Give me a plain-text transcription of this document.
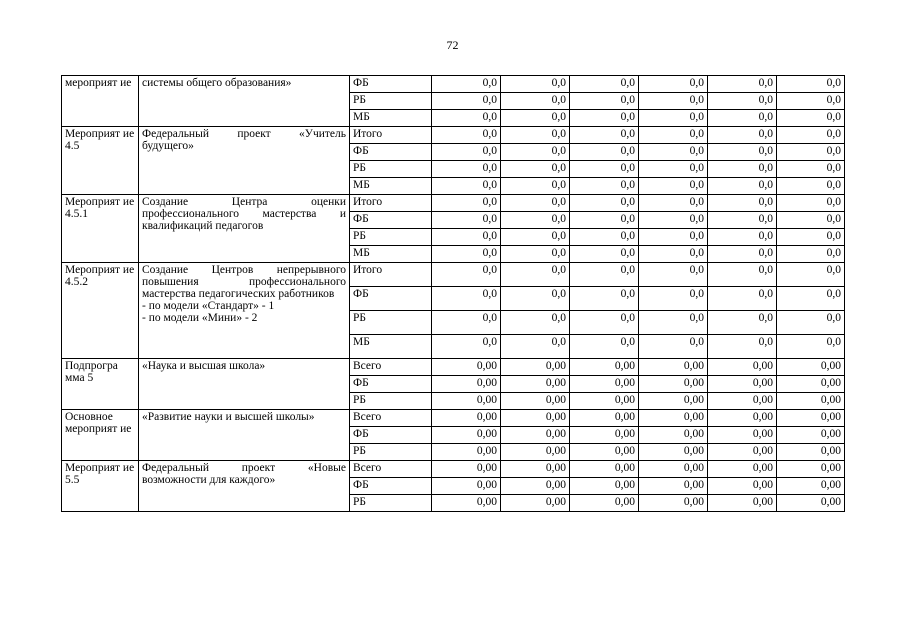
72
мероприят ие	системы общего образования»	ФБ	0,0	0,0	0,0	0,0	0,0	0,0
		РБ	0,0	0,0	0,0	0,0	0,0	0,0
		МБ	0,0	0,0	0,0	0,0	0,0	0,0
Мероприят ие 4.5	Федеральный проект «Учитель будущего»	Итого	0,0	0,0	0,0	0,0	0,0	0,0
		ФБ	0,0	0,0	0,0	0,0	0,0	0,0
		РБ	0,0	0,0	0,0	0,0	0,0	0,0
		МБ	0,0	0,0	0,0	0,0	0,0	0,0
Мероприят ие 4.5.1	Создание Центра оценки профессионального мастерства и квалификаций педагогов	Итого	0,0	0,0	0,0	0,0	0,0	0,0
		ФБ	0,0	0,0	0,0	0,0	0,0	0,0
		РБ	0,0	0,0	0,0	0,0	0,0	0,0
		МБ	0,0	0,0	0,0	0,0	0,0	0,0
Мероприят ие 4.5.2	Создание Центров непрерывного повышения профессионального мастерства педагогических работников
- по модели «Стандарт» - 1
- по модели «Мини» - 2	Итого	0,0	0,0	0,0	0,0	0,0	0,0
		ФБ	0,0	0,0	0,0	0,0	0,0	0,0
		РБ	0,0	0,0	0,0	0,0	0,0	0,0
		МБ	0,0	0,0	0,0	0,0	0,0	0,0
Подпрогра мма 5	«Наука и высшая школа»	Всего	0,00	0,00	0,00	0,00	0,00	0,00
		ФБ	0,00	0,00	0,00	0,00	0,00	0,00
		РБ	0,00	0,00	0,00	0,00	0,00	0,00
Основное мероприят ие	«Развитие науки и высшей школы»	Всего	0,00	0,00	0,00	0,00	0,00	0,00
		ФБ	0,00	0,00	0,00	0,00	0,00	0,00
		РБ	0,00	0,00	0,00	0,00	0,00	0,00
Мероприят ие 5.5	Федеральный проект «Новые возможности для каждого»	Всего	0,00	0,00	0,00	0,00	0,00	0,00
		ФБ	0,00	0,00	0,00	0,00	0,00	0,00
		РБ	0,00	0,00	0,00	0,00	0,00	0,00
